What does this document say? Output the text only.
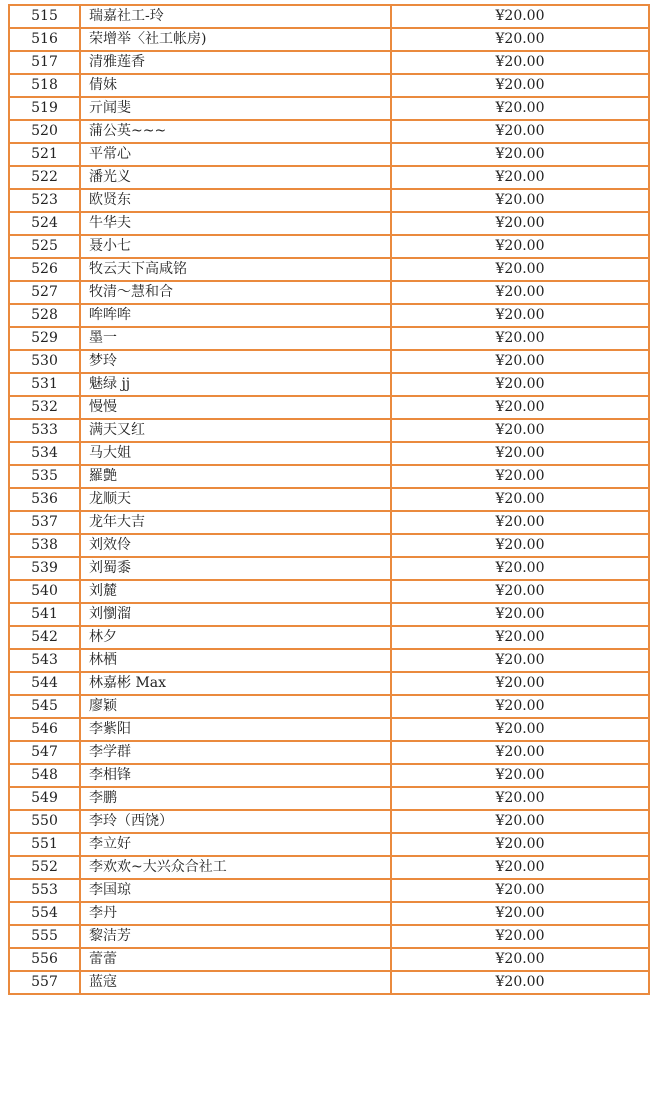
515	瑞嘉社工-玲	¥20.00
516	荣增举〈社工帐房)	¥20.00
517	清雅莲香	¥20.00
518	倩妹	¥20.00
519	亓闻斐	¥20.00
520	蒲公英~~~	¥20.00
521	平常心	¥20.00
522	潘光义	¥20.00
523	欧贤东	¥20.00
524	牛华夫	¥20.00
525	聂小七	¥20.00
526	牧云天下高咸铭	¥20.00
527	牧清～慧和合	¥20.00
528	哞哞哞	¥20.00
529	墨一	¥20.00
530	梦玲	¥20.00
531	魅绿 jj	¥20.00
532	慢慢	¥20.00
533	满天又红	¥20.00
534	马大姐	¥20.00
535	羅艶	¥20.00
536	龙顺天	¥20.00
537	龙年大吉	¥20.00
538	刘效伶	¥20.00
539	刘蜀黍	¥20.00
540	刘麓	¥20.00
541	刘懰溜	¥20.00
542	林夕	¥20.00
543	林栖	¥20.00
544	林嘉彬 Max	¥20.00
545	廖颖	¥20.00
546	李紫阳	¥20.00
547	李学群	¥20.00
548	李相锋	¥20.00
549	李鹏	¥20.00
550	李玲（西饶）	¥20.00
551	李立好	¥20.00
552	李欢欢~大兴众合社工	¥20.00
553	李国琼	¥20.00
554	李丹	¥20.00
555	黎洁芳	¥20.00
556	蕾蕾	¥20.00
557	蓝寇	¥20.00
